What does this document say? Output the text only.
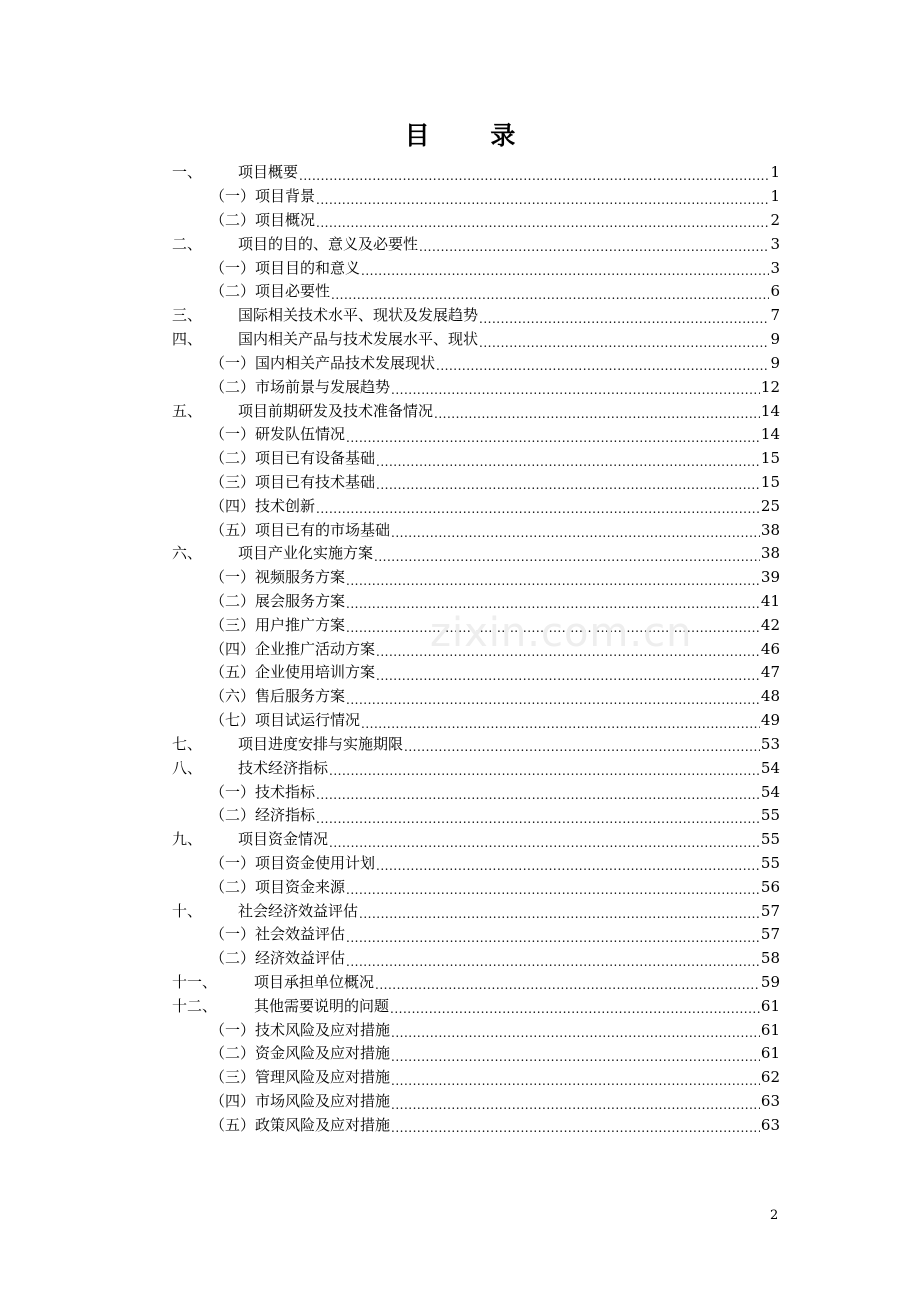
目 录
一、	项目概要 .....	1
（一）项目背景 .....	1
（二）项目概况 .....	2
二、	项目的目的、意义及必要性 .....	3
（一）项目目的和意义 .....	3
（二）项目必要性 .....	6
三、	国际相关技术水平、现状及发展趋势 .....	7
四、	国内相关产品与技术发展水平、现状 .....	9
（一）国内相关产品技术发展现状 .....	9
（二）市场前景与发展趋势 .....	12
五、	项目前期研发及技术准备情况 .....	14
（一）研发队伍情况 .....	14
（二）项目已有设备基础 .....	15
（三）项目已有技术基础 .....	15
（四）技术创新 .....	25
（五）项目已有的市场基础 .....	38
六、	项目产业化实施方案 .....	38
（一）视频服务方案 .....	39
（二）展会服务方案 .....	41
（三）用户推广方案 .....	42
（四）企业推广活动方案 .....	46
（五）企业使用培训方案 .....	47
（六）售后服务方案 .....	48
（七）项目试运行情况 .....	49
七、	项目进度安排与实施期限 .....	53
八、	技术经济指标 .....	54
（一）技术指标 .....	54
（二）经济指标 .....	55
九、	项目资金情况 .....	55
（一）项目资金使用计划 .....	55
（二）项目资金来源 .....	56
十、	社会经济效益评估 .....	57
（一）社会效益评估 .....	57
（二）经济效益评估 .....	58
十一、	项目承担单位概况 .....	59
十二、	其他需要说明的问题 .....	61
（一）技术风险及应对措施 .....	61
（二）资金风险及应对措施 .....	61
（三）管理风险及应对措施 .....	62
（四）市场风险及应对措施 .....	63
（五）政策风险及应对措施 .....	63
zixin.com.cn
2
